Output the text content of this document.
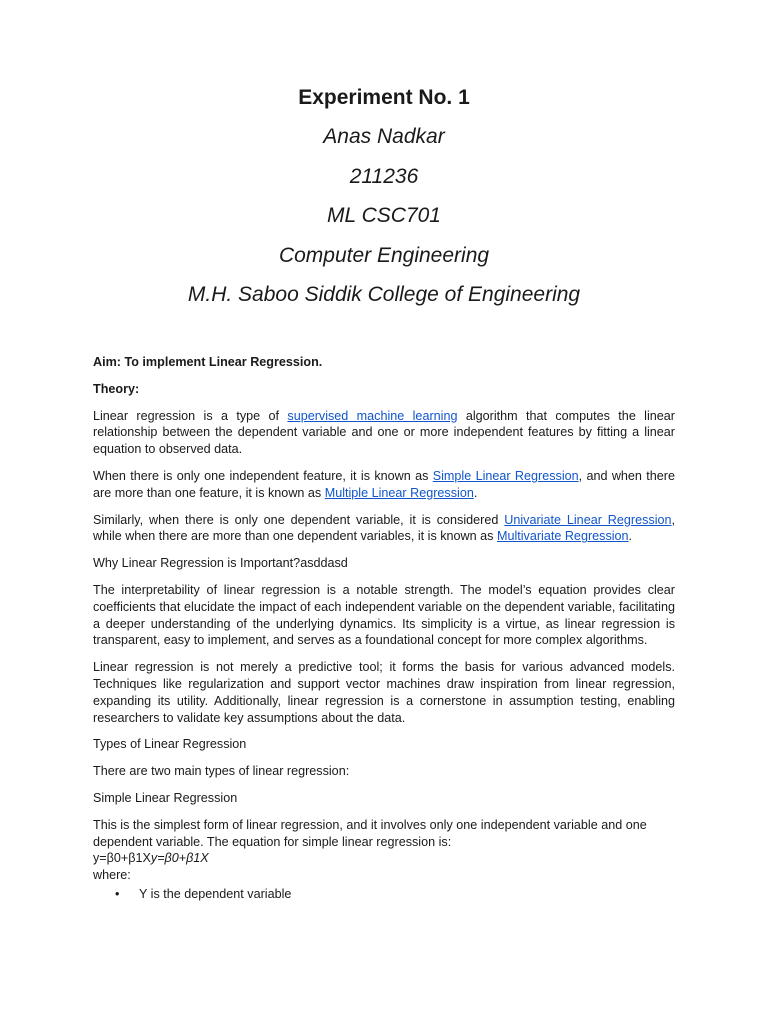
Experiment No. 1
Anas Nadkar
211236
ML CSC701
Computer Engineering
M.H. Saboo Siddik College of Engineering

Aim: To implement Linear Regression.

Theory:

Linear regression is a type of supervised machine learning algorithm that computes the linear relationship between the dependent variable and one or more independent features by fitting a linear equation to observed data.

When there is only one independent feature, it is known as Simple Linear Regression, and when there are more than one feature, it is known as Multiple Linear Regression.

Similarly, when there is only one dependent variable, it is considered Univariate Linear Regression, while when there are more than one dependent variables, it is known as Multivariate Regression.

Why Linear Regression is Important?asddasd

The interpretability of linear regression is a notable strength. The model’s equation provides clear coefficients that elucidate the impact of each independent variable on the dependent variable, facilitating a deeper understanding of the underlying dynamics. Its simplicity is a virtue, as linear regression is transparent, easy to implement, and serves as a foundational concept for more complex algorithms.

Linear regression is not merely a predictive tool; it forms the basis for various advanced models. Techniques like regularization and support vector machines draw inspiration from linear regression, expanding its utility. Additionally, linear regression is a cornerstone in assumption testing, enabling researchers to validate key assumptions about the data.

Types of Linear Regression

There are two main types of linear regression:

Simple Linear Regression

This is the simplest form of linear regression, and it involves only one independent variable and one dependent variable. The equation for simple linear regression is:

y=β0+β1Xy=β0+β1X
where:
• Y is the dependent variable
